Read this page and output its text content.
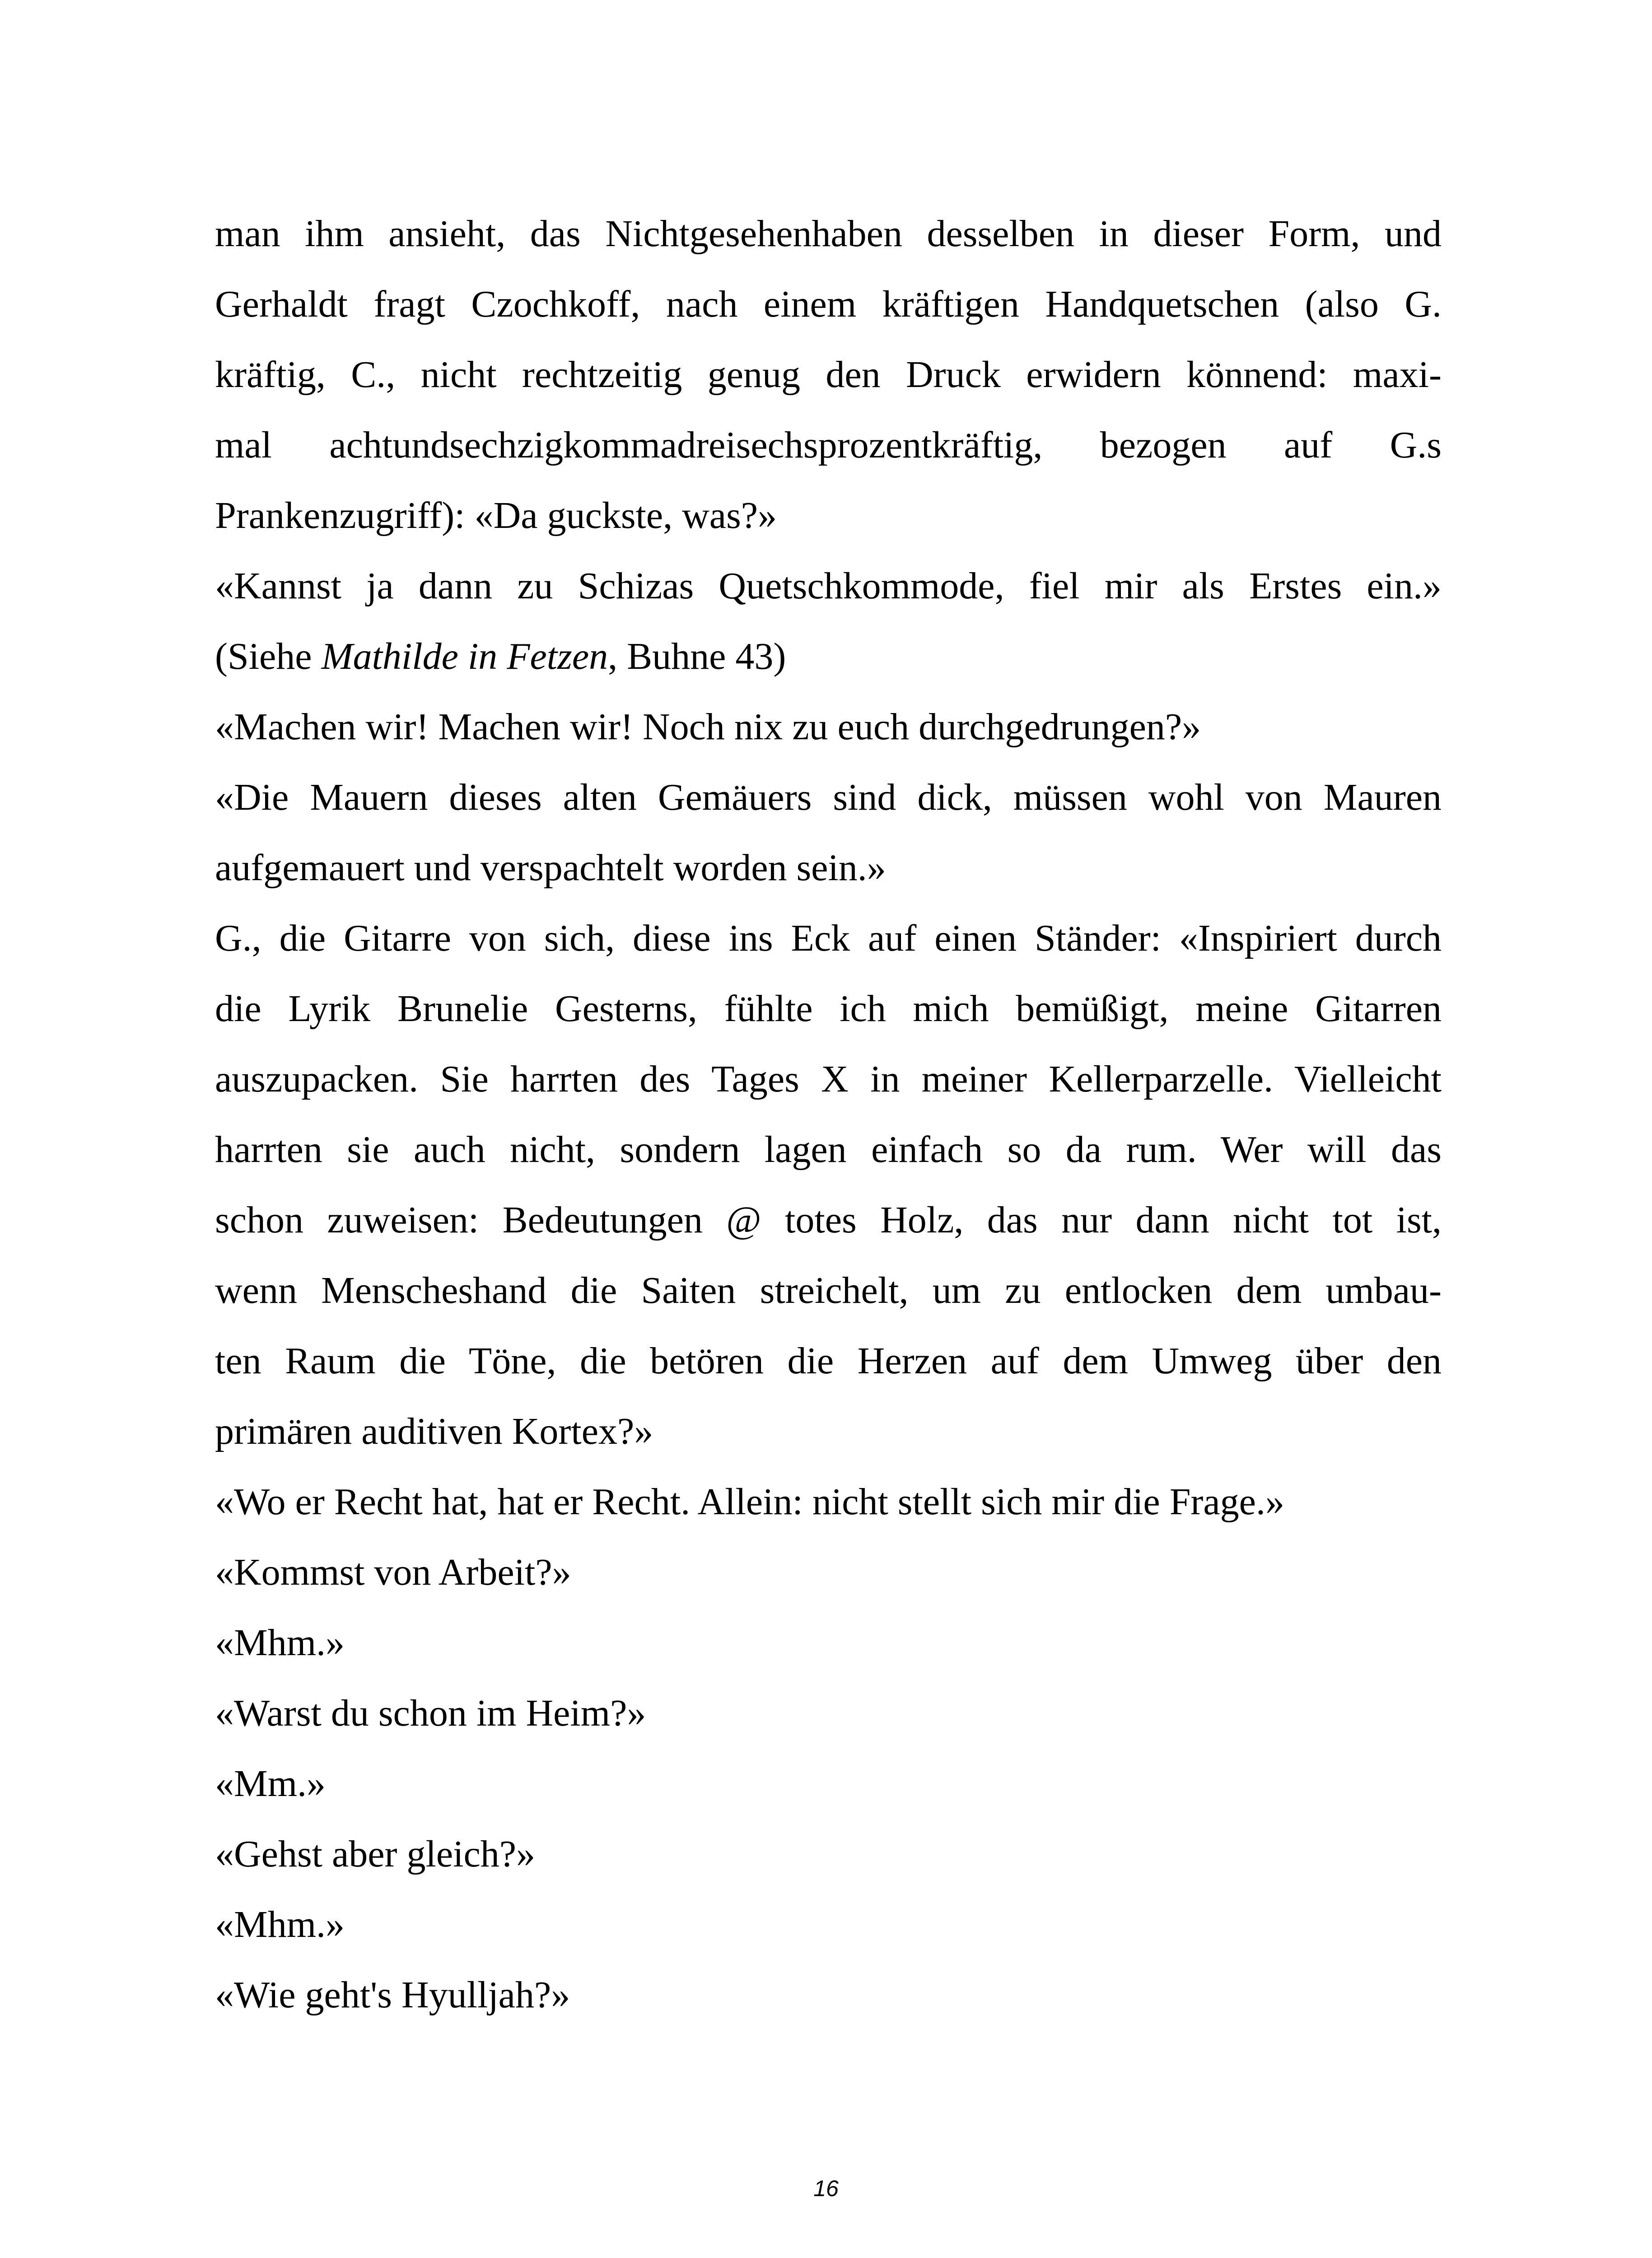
man ihm ansieht, das Nichtgesehenhaben desselben in dieser Form, und
Gerhaldt fragt Czochkoff, nach einem kräftigen Handquetschen (also G.
kräftig, C., nicht rechtzeitig genug den Druck erwidern könnend: maxi-
mal achtundsechzigkommadreisechsprozentkräftig, bezogen auf G.s
Prankenzugriff): «Da guckste, was?»
«Kannst ja dann zu Schizas Quetschkommode, fiel mir als Erstes ein.»
(Siehe Mathilde in Fetzen, Buhne 43)
«Machen wir! Machen wir! Noch nix zu euch durchgedrungen?»
«Die Mauern dieses alten Gemäuers sind dick, müssen wohl von Mauren
aufgemauert und verspachtelt worden sein.»
G., die Gitarre von sich, diese ins Eck auf einen Ständer: «Inspiriert durch
die Lyrik Brunelie Gesterns, fühlte ich mich bemüßigt, meine Gitarren
auszupacken. Sie harrten des Tages X in meiner Kellerparzelle. Vielleicht
harrten sie auch nicht, sondern lagen einfach so da rum. Wer will das
schon zuweisen: Bedeutungen @ totes Holz, das nur dann nicht tot ist,
wenn Menscheshand die Saiten streichelt, um zu entlocken dem umbau-
ten Raum die Töne, die betören die Herzen auf dem Umweg über den
primären auditiven Kortex?»
«Wo er Recht hat, hat er Recht. Allein: nicht stellt sich mir die Frage.»
«Kommst von Arbeit?»
«Mhm.»
«Warst du schon im Heim?»
«Mm.»
«Gehst aber gleich?»
«Mhm.»
«Wie geht's Hyulljah?»
16
